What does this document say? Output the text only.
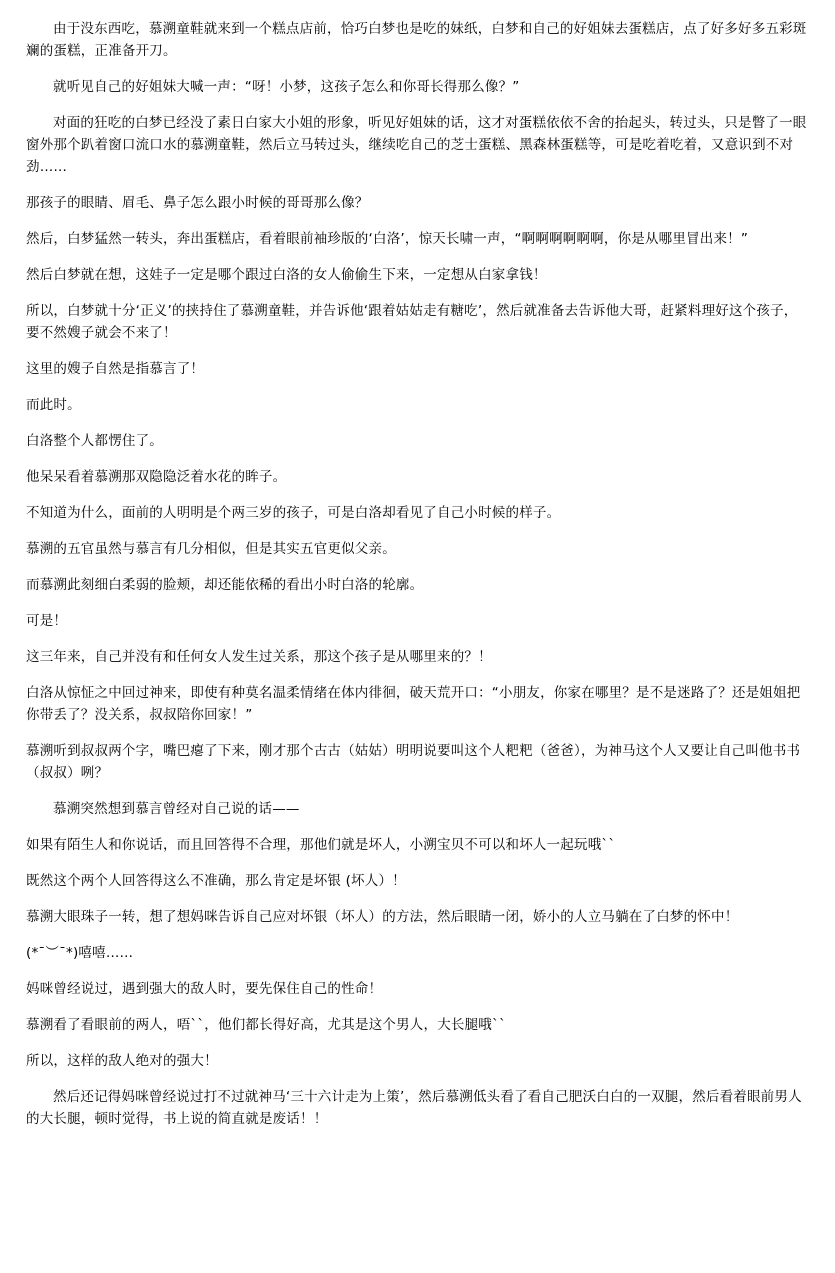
由于没东西吃，慕溯童鞋就来到一个糕点店前，恰巧白梦也是吃的妹纸，白梦和自己的好姐妹去蛋糕店，点了好多好多五彩斑斓的蛋糕，正准备开刀。

就听见自己的好姐妹大喊一声：“呀！小梦，这孩子怎么和你哥长得那么像？”

对面的狂吃的白梦已经没了素日白家大小姐的形象，听见好姐妹的话，这才对蛋糕依依不舍的抬起头，转过头，只是瞥了一眼窗外那个趴着窗口流口水的慕溯童鞋，然后立马转过头，继续吃自己的芝士蛋糕、黑森林蛋糕等，可是吃着吃着，又意识到不对劲……

那孩子的眼睛、眉毛、鼻子怎么跟小时候的哥哥那么像？

然后，白梦猛然一转头，奔出蛋糕店，看着眼前袖珍版的‘白洛’，惊天长啸一声，“啊啊啊啊啊啊，你是从哪里冒出来！”

然后白梦就在想，这娃子一定是哪个跟过白洛的女人偷偷生下来，一定想从白家拿钱！

所以，白梦就十分‘正义’的挟持住了慕溯童鞋，并告诉他‘跟着姑姑走有糖吃’，然后就准备去告诉他大哥，赶紧料理好这个孩子，要不然嫂子就会不来了！

这里的嫂子自然是指慕言了！

而此时。

白洛整个人都愣住了。

他呆呆看着慕溯那双隐隐泛着水花的眸子。

不知道为什么，面前的人明明是个两三岁的孩子，可是白洛却看见了自己小时候的样子。

慕溯的五官虽然与慕言有几分相似，但是其实五官更似父亲。

而慕溯此刻细白柔弱的脸颊，却还能依稀的看出小时白洛的轮廓。

可是！

这三年来，自己并没有和任何女人发生过关系，那这个孩子是从哪里来的？！

白洛从惊怔之中回过神来，即使有种莫名温柔情绪在体内徘徊，破天荒开口：“小朋友，你家在哪里？是不是迷路了？还是姐姐把你带丢了？没关系，叔叔陪你回家！”

慕溯听到叔叔两个字，嘴巴瘪了下来，刚才那个古古（姑姑）明明说要叫这个人粑粑（爸爸），为神马这个人又要让自己叫他书书（叔叔）咧？

慕溯突然想到慕言曾经对自己说的话——

如果有陌生人和你说话，而且回答得不合理，那他们就是坏人，小溯宝贝不可以和坏人一起玩哦``

既然这个两个人回答得这么不准确，那么肯定是坏银 (坏人）！

慕溯大眼珠子一转，想了想妈咪告诉自己应对坏银（坏人）的方法，然后眼睛一闭，娇小的人立马躺在了白梦的怀中！

(*ˉ︶ˉ*)嘻嘻……

妈咪曾经说过，遇到强大的敌人时，要先保住自己的性命！

慕溯看了看眼前的两人，唔``，他们都长得好高，尤其是这个男人，大长腿哦``

所以，这样的敌人绝对的强大！

然后还记得妈咪曾经说过打不过就神马‘三十六计走为上策’，然后慕溯低头看了看自己肥沃白白的一双腿，然后看着眼前男人的大长腿，顿时觉得，书上说的简直就是废话！！
